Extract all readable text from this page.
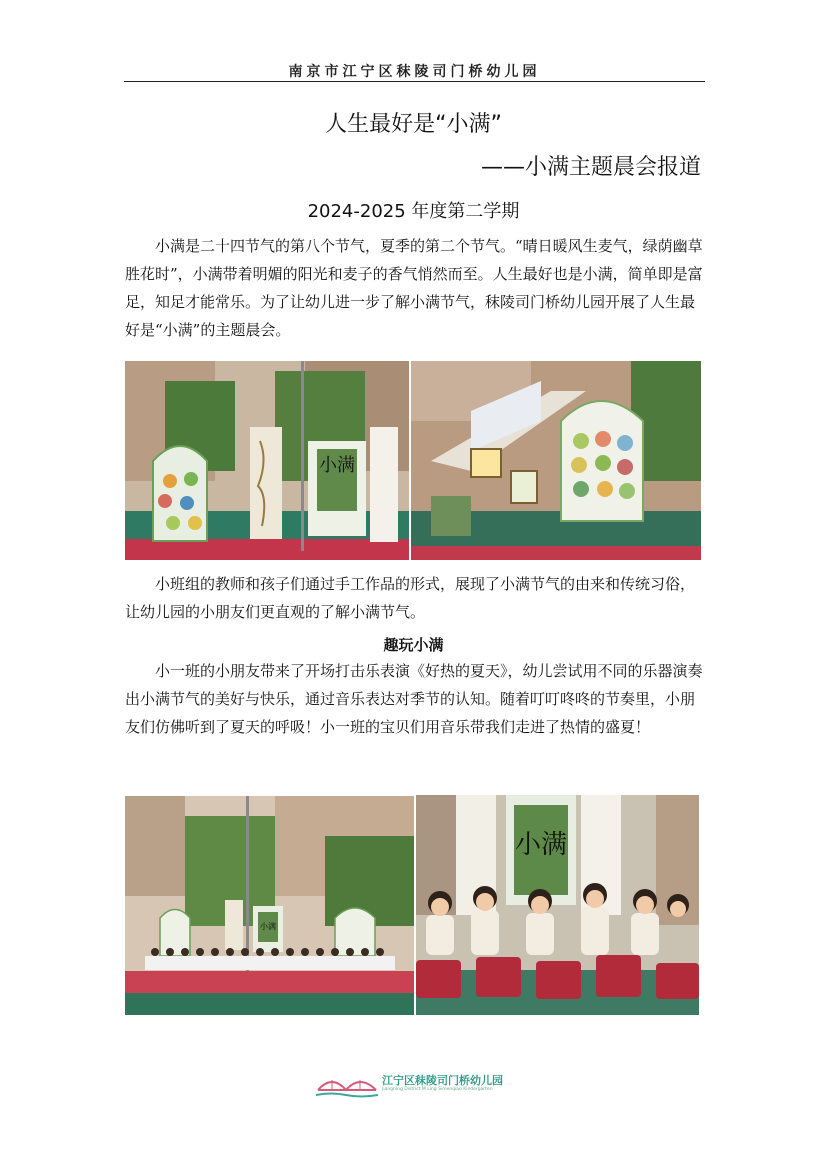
南京市江宁区秣陵司门桥幼儿园
人生最好是“小满”
——小满主题晨会报道
2024-2025 年度第二学期

小满是二十四节气的第八个节气，夏季的第二个节气。“晴日暖风生麦气，绿荫幽草胜花时”，小满带着明媚的阳光和麦子的香气悄然而至。人生最好也是小满，简单即是富足，知足才能常乐。为了让幼儿进一步了解小满节气，秣陵司门桥幼儿园开展了人生最好是“小满”的主题晨会。

小满

小班组的教师和孩子们通过手工作品的形式，展现了小满节气的由来和传统习俗，让幼儿园的小朋友们更直观的了解小满节气。

趣玩小满

小一班的小朋友带来了开场打击乐表演《好热的夏天》，幼儿尝试用不同的乐器演奏出小满节气的美好与快乐，通过音乐表达对季节的认知。随着叮叮咚咚的节奏里，小朋友们仿佛听到了夏天的呼吸！小一班的宝贝们用音乐带我们走进了热情的盛夏！

小满
小满
江宁区秣陵司门桥幼儿园
Jiangning District M Ling Simenqiao Kindergarten
